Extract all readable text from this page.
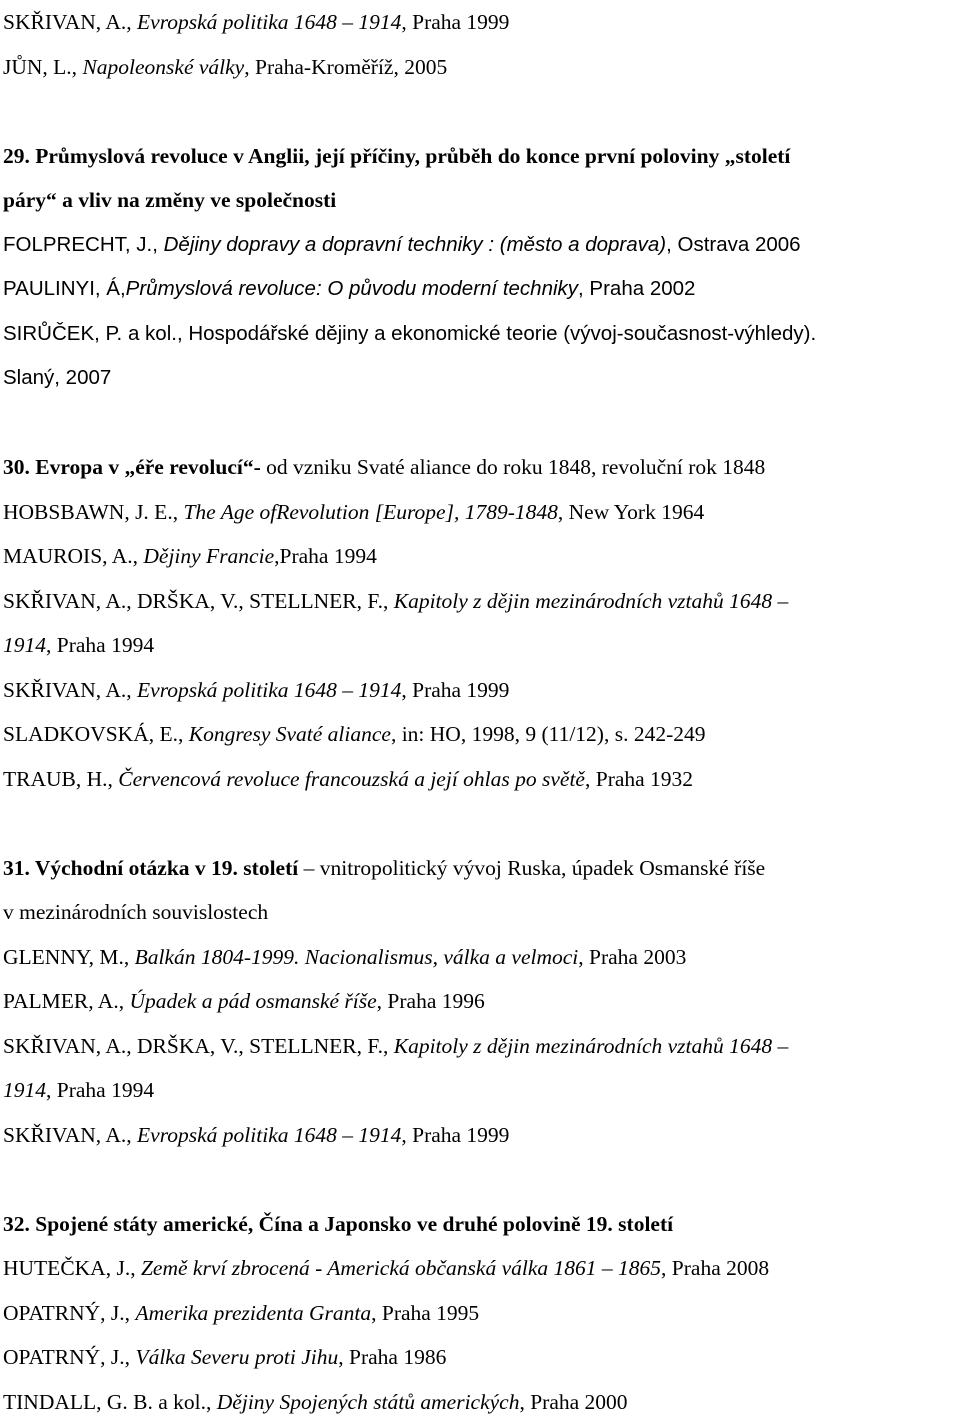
SKŘIVAN, A., Evropská politika 1648 – 1914, Praha 1999
JŮN, L., Napoleonské války, Praha-Kroměříž, 2005
29. Průmyslová revoluce v Anglii, její příčiny, průběh do konce první poloviny „století
páry“ a vliv na změny ve společnosti
FOLPRECHT, J., Dějiny dopravy a dopravní techniky : (město a doprava), Ostrava 2006
PAULINYI, Á,Průmyslová revoluce: O původu moderní techniky, Praha 2002
SIRŮČEK, P. a kol., Hospodářské dějiny a ekonomické teorie (vývoj-současnost-výhledy).
Slaný, 2007
30. Evropa v „éře revolucí“- od vzniku Svaté aliance do roku 1848, revoluční rok 1848
HOBSBAWN, J. E., The Age ofRevolution [Europe], 1789-1848, New York 1964
MAUROIS, A., Dějiny Francie,Praha 1994
SKŘIVAN, A., DRŠKA, V., STELLNER, F., Kapitoly z dějin mezinárodních vztahů 1648 –
1914, Praha 1994
SKŘIVAN, A., Evropská politika 1648 – 1914, Praha 1999
SLADKOVSKÁ, E., Kongresy Svaté aliance, in: HO, 1998, 9 (11/12), s. 242-249
TRAUB, H., Červencová revoluce francouzská a její ohlas po světě, Praha 1932
31. Východní otázka v 19. století – vnitropolitický vývoj Ruska, úpadek Osmanské říše
v mezinárodních souvislostech
GLENNY, M., Balkán 1804-1999. Nacionalismus, válka a velmoci, Praha 2003
PALMER, A., Úpadek a pád osmanské říše, Praha 1996
SKŘIVAN, A., DRŠKA, V., STELLNER, F., Kapitoly z dějin mezinárodních vztahů 1648 –
1914, Praha 1994
SKŘIVAN, A., Evropská politika 1648 – 1914, Praha 1999
32. Spojené státy americké, Čína a Japonsko ve druhé polovině 19. století
HUTEČKA, J., Země krví zbrocená - Americká občanská válka 1861 – 1865, Praha 2008
OPATRNÝ, J., Amerika prezidenta Granta, Praha 1995
OPATRNÝ, J., Válka Severu proti Jihu, Praha 1986
TINDALL, G. B. a kol., Dějiny Spojených států amerických, Praha 2000
